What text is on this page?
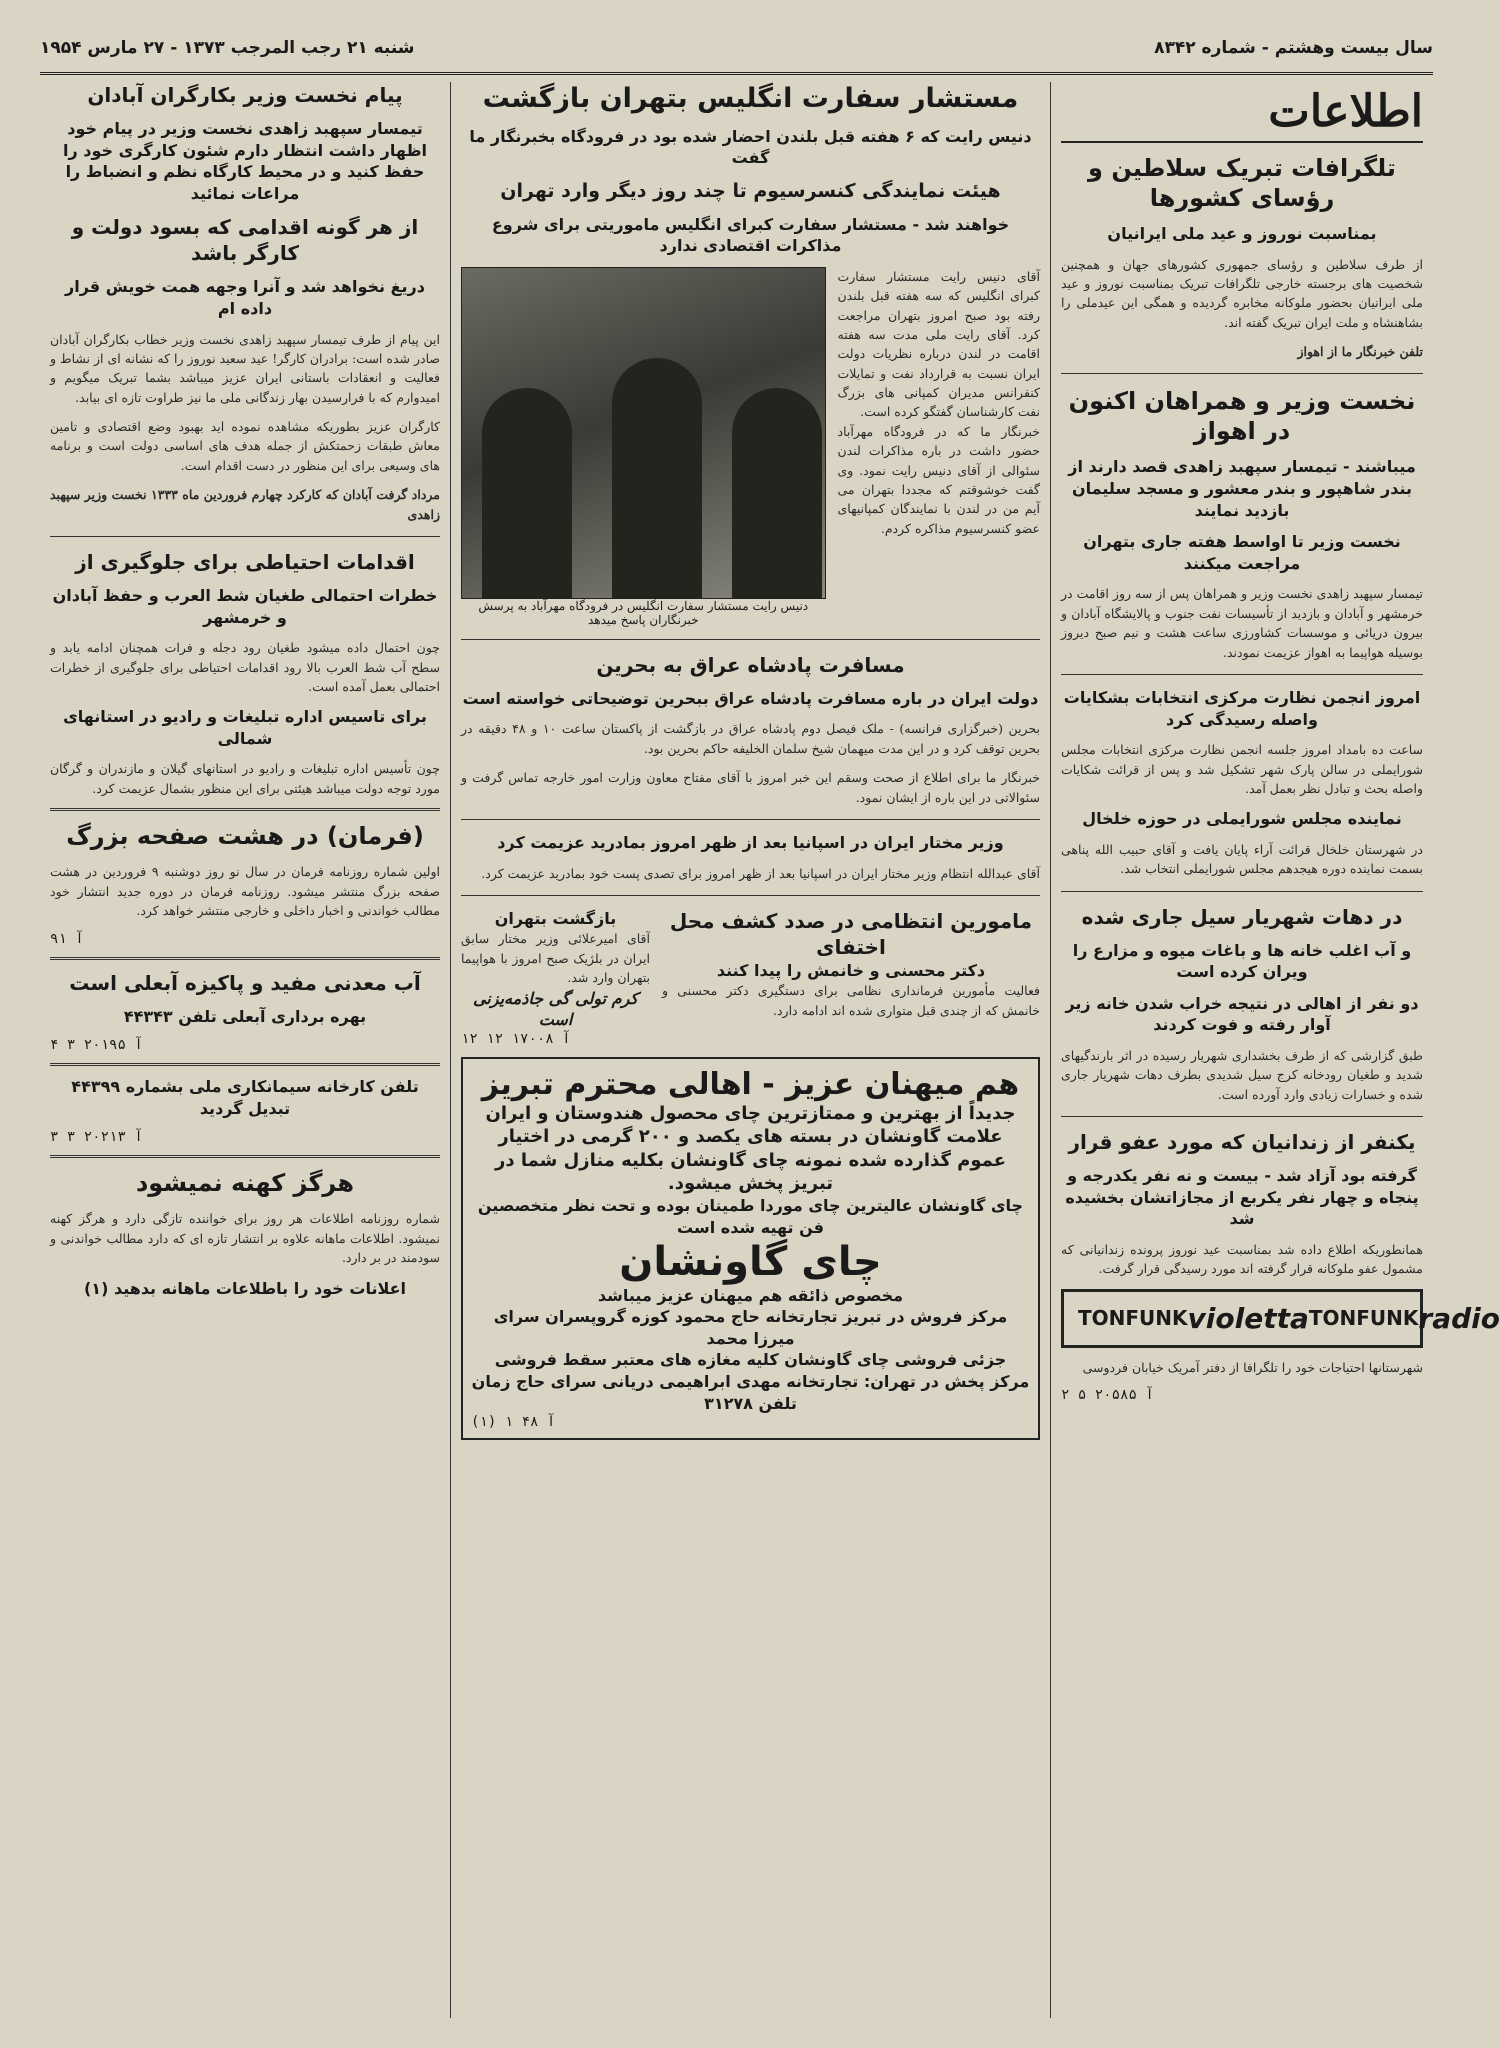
سال بیست وهشتم - شماره ۸۳۴۲
شنبه ۲۱ رجب المرجب ۱۳۷۳ - ۲۷ مارس ۱۹۵۴
اطلاعات
تلگرافات تبریک سلاطین و رؤسای کشورها
بمناسبت نوروز و عید ملی ایرانیان
از طرف سلاطین و رؤسای جمهوری کشورهای جهان و همچنین شخصیت های برجسته خارجی تلگرافات تبریک بمناسبت نوروز و عید ملی ایرانیان بحضور ملوکانه مخابره گردیده و همگی این عیدملی را بشاهنشاه و ملت ایران تبریک گفته اند.
تلفن خبرنگار ما از اهواز
نخست وزیر و همراهان اکنون در اهواز
میباشند - تیمسار سپهبد زاهدی قصد دارند از بندر شاهپور و بندر معشور و مسجد سلیمان بازدید نمایند
نخست وزیر تا اواسط هفته جاری بتهران مراجعت میکنند
تیمسار سپهبد زاهدی نخست وزیر و همراهان پس از سه روز اقامت در خرمشهر و آبادان و بازدید از تأسیسات نفت جنوب و پالایشگاه آبادان و بیرون دریائی و موسسات کشاورزی ساعت هشت و نیم صبح دیروز بوسیله هواپیما به اهواز عزیمت نمودند.
امروز انجمن نظارت مرکزی انتخابات بشکایات واصله رسیدگی کرد
ساعت ده بامداد امروز جلسه انجمن نظارت مرکزی انتخابات مجلس شورایملی در سالن پارک شهر تشکیل شد و پس از قرائت شکایات واصله بحث و تبادل نظر بعمل آمد.
نماینده مجلس شورایملی در حوزه خلخال
در شهرستان خلخال قرائت آراء پایان یافت و آقای حبیب الله پناهی بسمت نماینده دوره هیجدهم مجلس شورایملی انتخاب شد.
در دهات شهریار سیل جاری شده
و آب اغلب خانه ها و باغات میوه و مزارع را ویران کرده است
دو نفر از اهالی در نتیجه خراب شدن خانه زیر آوار رفته و فوت کردند
طبق گزارشی که از طرف بخشداری شهریار رسیده در اثر بارندگیهای شدید و طغیان رودخانه کرج سیل شدیدی بطرف دهات شهریار جاری شده و خسارات زیادی وارد آورده است.
یکنفر از زندانیان که مورد عفو قرار
گرفته بود آزاد شد - بیست و نه نفر یکدرجه و پنجاه و چهار نفر یکربع از مجازاتشان بخشیده شد
همانطوریکه اطلاع داده شد بمناسبت عید نوروز پرونده زندانیانی که مشمول عفو ملوکانه قرار گرفته اند مورد رسیدگی قرار گرفت.
TONFUNK violetta TONFUNK radio
شهرستانها احتیاجات خود را تلگرافا از دفتر آمریک خیابان فردوسی
آ ۲۰۵۸۵ ۵ ۲
مستشار سفارت انگلیس بتهران بازگشت
دنیس رایت که ۶ هفته قبل بلندن احضار شده بود در فرودگاه بخبرنگار ما گفت
هیئت نمایندگی کنسرسیوم تا چند روز دیگر وارد تهران
خواهند شد - مستشار سفارت کبرای انگلیس ماموریتی برای شروع مذاکرات اقتصادی ندارد
آقای دنیس رایت مستشار سفارت کبرای انگلیس که سه هفته قبل بلندن رفته بود صبح امروز بتهران مراجعت کرد. آقای رایت ملی مدت سه هفته اقامت در لندن درباره نظریات دولت ایران نسبت به قرارداد نفت و تمایلات کنفرانس مدیران کمپانی های بزرگ نفت کارشناسان گفتگو کرده است.
خبرنگار ما که در فرودگاه مهرآباد حضور داشت در باره مذاکرات لندن سئوالی از آقای دنیس رایت نمود. وی گفت خوشوقتم که مجددا بتهران می آیم من در لندن با نمایندگان کمپانیهای عضو کنسرسیوم مذاکره کردم.
دنیس رایت مستشار سفارت انگلیس در فرودگاه مهرآباد به پرسش خبرنگاران پاسخ میدهد
مسافرت پادشاه عراق به بحرین
دولت ایران در باره مسافرت پادشاه عراق ببحرین توضیحاتی خواسته است
بحرین (خبرگزاری فرانسه) - ملک فیصل دوم پادشاه عراق در بازگشت از پاکستان ساعت ۱۰ و ۴۸ دقیقه در بحرین توقف کرد و در این مدت میهمان شیخ سلمان الخلیفه حاکم بحرین بود.
خبرنگار ما برای اطلاع از صحت وسقم این خبر امروز با آقای مفتاح معاون وزارت امور خارجه تماس گرفت و سئوالاتی در این باره از ایشان نمود.
وزیر مختار ایران در اسپانیا بعد از ظهر امروز بمادرید عزیمت کرد
آقای عبدالله انتظام وزیر مختار ایران در اسپانیا بعد از ظهر امروز برای تصدی پست خود بمادرید عزیمت کرد.
مامورین انتظامی در صدد کشف محل اختفای
دکتر محسنی و خانمش را پیدا کنند
فعالیت مأمورین فرمانداری نظامی برای دستگیری دکتر محسنی و خانمش که از چندی قبل متواری شده اند ادامه دارد.
بازگشت بتهران
آقای امیرعلائی وزیر مختار سابق ایران در بلژیک صبح امروز با هواپیما بتهران وارد شد.
کرم تولی گی جاذمه‌یزنی است
آ ۱۷۰۰۸ ۱۲ ۱۲
هم میهنان عزیز - اهالی محترم تبریز
جدیداً از بهترین و ممتازترین چای محصول هندوستان و ایران علامت گاونشان در بسته های یکصد و ۲۰۰ گرمی در اختیار عموم گذارده شده نمونه چای گاونشان بکلیه منازل شما در تبریز پخش میشود.
چای گاونشان عالیترین چای موردا طمینان بوده و تحت نظر متخصصین فن تهیه شده است
چای گاونشان
مخصوص ذائقه هم میهنان عزیز میباشد
مرکز فروش در تبریز تجارتخانه حاج محمود کوزه گروپسران سرای میرزا محمد
جزئی فروشی چای گاونشان کلیه مغازه های معتبر سقط فروشی
مرکز پخش در تهران: تجارتخانه مهدی ابراهیمی دریانی سرای حاج زمان تلفن ۳۱۲۷۸
(۱) آ ۴۸ ۱
پیام نخست وزیر بکارگران آبادان
تیمسار سپهبد زاهدی نخست وزیر در پیام خود اظهار داشت انتظار دارم شئون کارگری خود را حفظ کنید و در محیط کارگاه نظم و انضباط را مراعات نمائید
از هر گونه اقدامی که بسود دولت و کارگر باشد
دریغ نخواهد شد و آنرا وجهه همت خویش قرار داده ام
این پیام از طرف تیمسار سپهبد زاهدی نخست وزیر خطاب بکارگران آبادان صادر شده است: برادران کارگر! عید سعید نوروز را که نشانه ای از نشاط و فعالیت و انعقادات باستانی ایران عزیز میباشد بشما تبریک میگویم و امیدوارم که با فرارسیدن بهار زندگانی ملی ما نیز طراوت تازه ای بیابد.
کارگران عزیز بطوریکه مشاهده نموده اید بهبود وضع اقتصادی و تامین معاش طبقات زحمتکش از جمله هدف های اساسی دولت است و برنامه های وسیعی برای این منظور در دست اقدام است.
مرداد گرفت آبادان که کارکرد چهارم فروردین ماه ۱۳۳۳ نخست وزیر سپهبد زاهدی
اقدامات احتیاطی برای جلوگیری از
خطرات احتمالی طغیان شط العرب و حفظ آبادان و خرمشهر
چون احتمال داده میشود طغیان رود دجله و فرات همچنان ادامه یابد و سطح آب شط العرب بالا رود اقدامات احتیاطی برای جلوگیری از خطرات احتمالی بعمل آمده است.
برای تاسیس اداره تبلیغات و رادیو در استانهای شمالی
چون تأسیس اداره تبلیغات و رادیو در استانهای گیلان و مازندران و گرگان مورد توجه دولت میباشد هیئتی برای این منظور بشمال عزیمت کرد.
(فرمان) در هشت صفحه بزرگ
اولین شماره روزنامه فرمان در سال نو روز دوشنبه ۹ فروردین در هشت صفحه بزرگ منتشر میشود. روزنامه فرمان در دوره جدید انتشار خود مطالب خواندنی و اخبار داخلی و خارجی منتشر خواهد کرد.
آ ۹۱
آب معدنی مفید و پاکیزه آبعلی است
بهره برداری آبعلی تلفن ۴۴۳۴۳
آ ۲۰۱۹۵ ۳ ۴
تلفن کارخانه سیمانکاری ملی بشماره ۴۴۳۹۹ تبدیل گردید
آ ۲۰۲۱۳ ۳ ۳
هرگز کهنه نمیشود
شماره روزنامه اطلاعات هر روز برای خواننده تازگی دارد و هرگز کهنه نمیشود. اطلاعات ماهانه علاوه بر انتشار تازه ای که دارد مطالب خواندنی و سودمند در بر دارد.
اعلانات خود را باطلاعات ماهانه بدهید (۱)
